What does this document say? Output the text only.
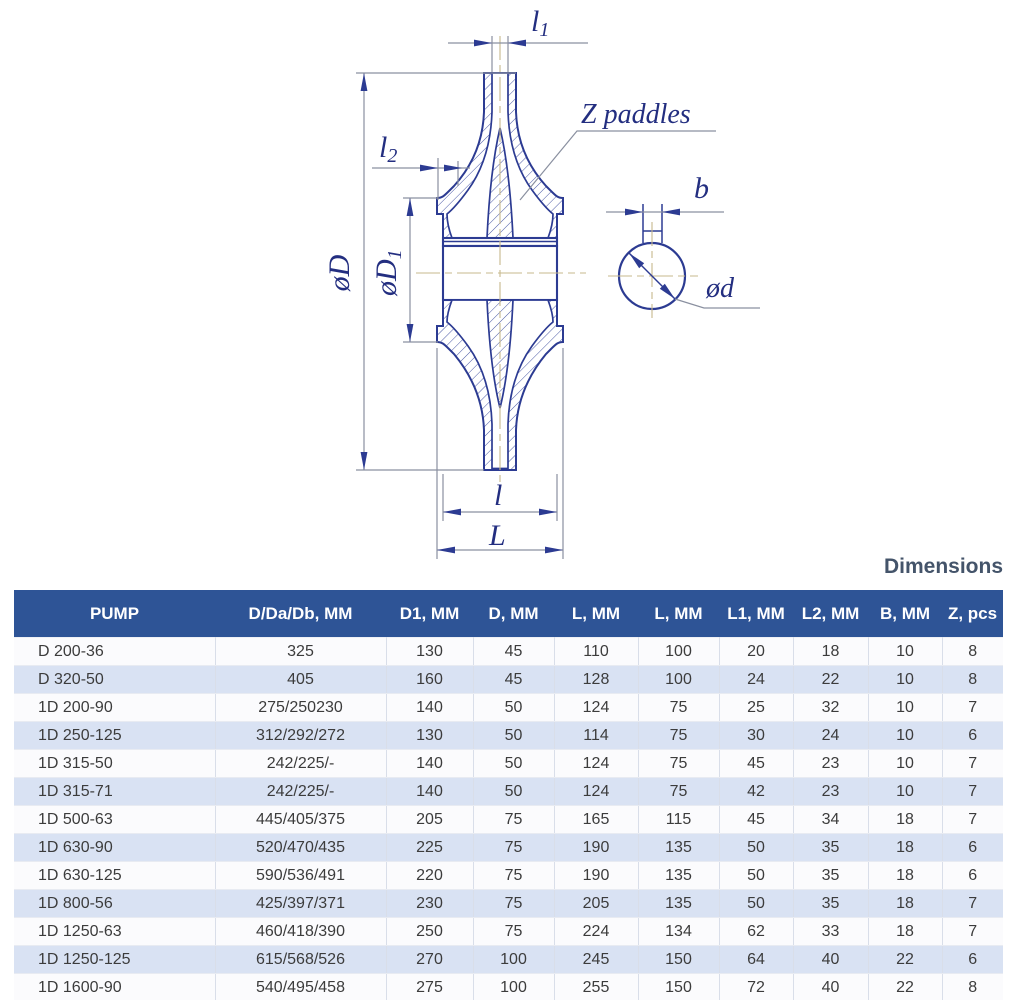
l1
l2
øD øD1
Z paddles
b
ød
l
L
Dimensions
PUMP	D/Da/Db, MM	D1, MM	D, MM	L, MM	L, MM	L1, MM	L2, MM	B, MM	Z, pcs
D 200-36	325	130	45	110	100	20	18	10	8
D 320-50	405	160	45	128	100	24	22	10	8
1D 200-90	275/250230	140	50	124	75	25	32	10	7
1D 250-125	312/292/272	130	50	114	75	30	24	10	6
1D 315-50	242/225/-	140	50	124	75	45	23	10	7
1D 315-71	242/225/-	140	50	124	75	42	23	10	7
1D 500-63	445/405/375	205	75	165	115	45	34	18	7
1D 630-90	520/470/435	225	75	190	135	50	35	18	6
1D 630-125	590/536/491	220	75	190	135	50	35	18	6
1D 800-56	425/397/371	230	75	205	135	50	35	18	7
1D 1250-63	460/418/390	250	75	224	134	62	33	18	7
1D 1250-125	615/568/526	270	100	245	150	64	40	22	6
1D 1600-90	540/495/458	275	100	255	150	72	40	22	8
